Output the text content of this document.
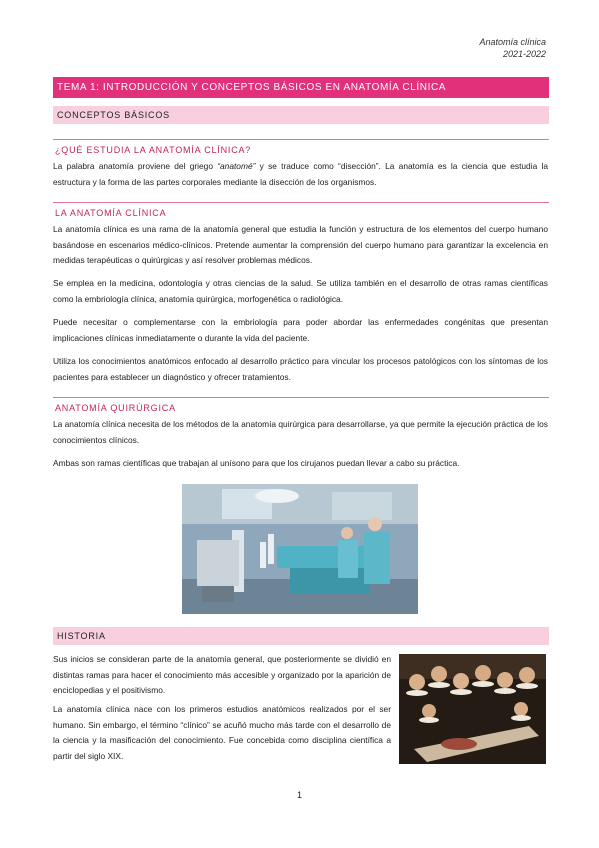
Anatomía clínica
2021-2022
TEMA 1: INTRODUCCIÓN Y CONCEPTOS BÁSICOS EN ANATOMÍA CLÍNICA
CONCEPTOS BÁSICOS
¿QUÉ ESTUDIA LA ANATOMÍA CLÍNICA?

La palabra anatomía proviene del griego “anatomé” y se traduce como “disección”. La anatomía es la ciencia que estudia la estructura y la forma de las partes corporales mediante la disección de los organismos.

LA ANATOMÍA CLÍNICA

La anatomía clínica es una rama de la anatomía general que estudia la función y estructura de los elementos del cuerpo humano basándose en escenarios médico-clínicos. Pretende aumentar la comprensión del cuerpo humano para garantizar la excelencia en medidas terapéuticas o quirúrgicas y así resolver problemas médicos.

Se emplea en la medicina, odontología y otras ciencias de la salud. Se utiliza también en el desarrollo de otras ramas científicas como la embriología clínica, anatomía quirúrgica, morfogenética o radiológica.

Puede necesitar o complementarse con la embriología para poder abordar las enfermedades congénitas que presentan implicaciones clínicas inmediatamente o durante la vida del paciente.

Utiliza los conocimientos anatómicos enfocado al desarrollo práctico para vincular los procesos patológicos con los síntomas de los pacientes para establecer un diagnóstico y ofrecer tratamientos.

ANATOMÍA QUIRÚRGICA

La anatomía clínica necesita de los métodos de la anatomía quirúrgica para desarrollarse, ya que permite la ejecución práctica de los conocimientos clínicos.

Ambas son ramas científicas que trabajan al unísono para que los cirujanos puedan llevar a cabo su práctica.

HISTORIA

Sus inicios se consideran parte de la anatomía general, que posteriormente se dividió en distintas ramas para hacer el conocimiento más accesible y organizado por la aparición de enciclopedias y el positivismo.

La anatomía clínica nace con los primeros estudios anatómicos realizados por el ser humano. Sin embargo, el término “clínico” se acuñó mucho más tarde con el desarrollo de la ciencia y la masificación del conocimiento. Fue concebida como disciplina científica a partir del siglo XIX.

1
